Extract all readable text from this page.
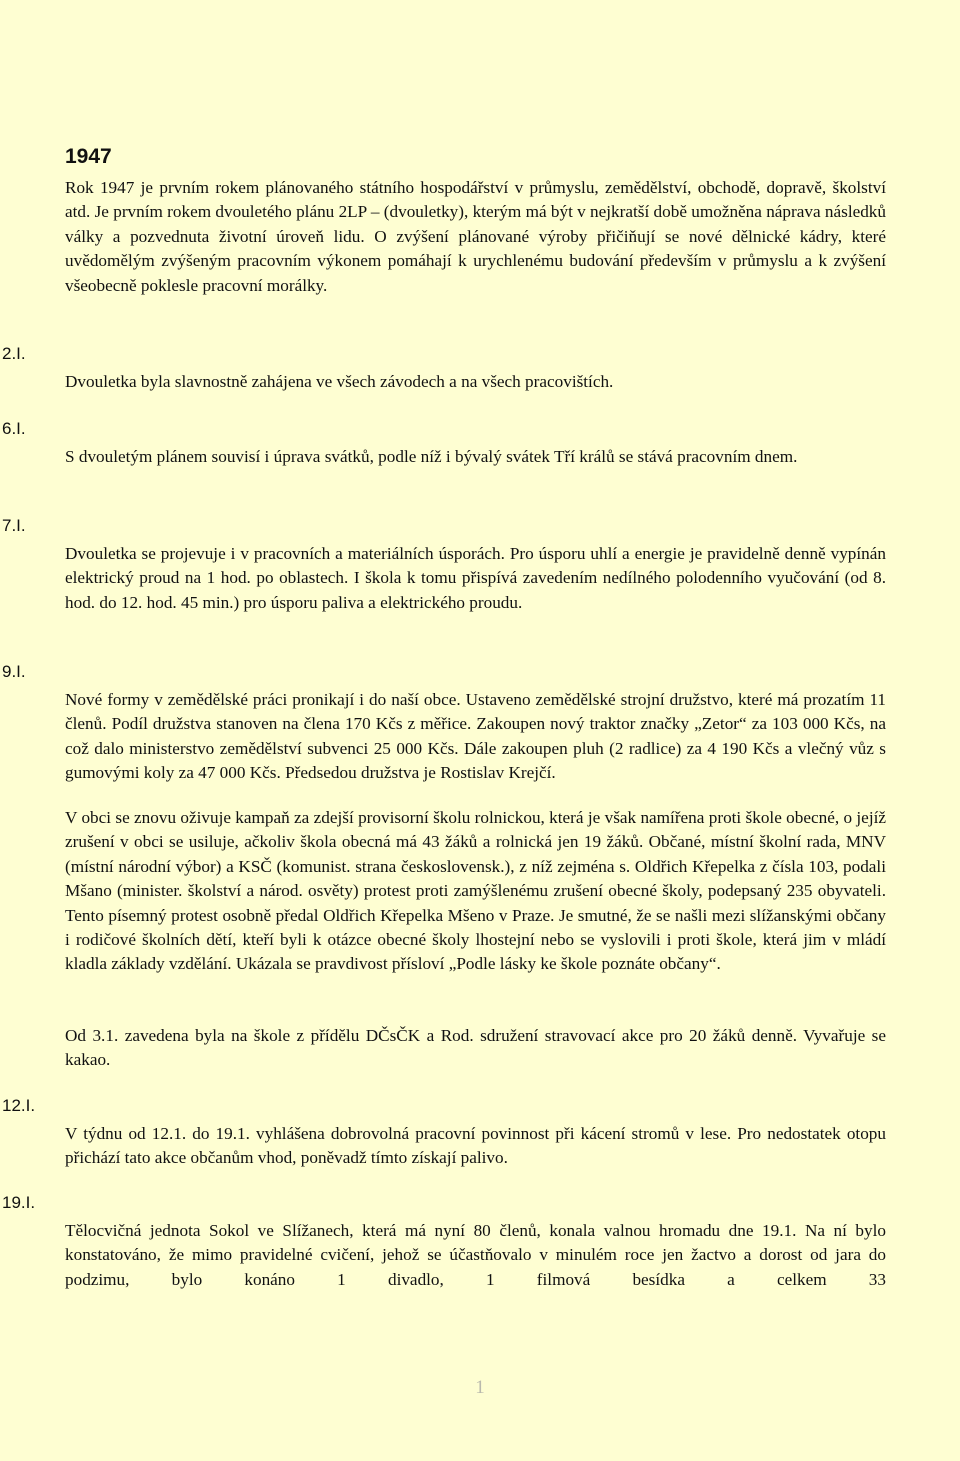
1947
2.I.
6.I.
7.I.
9.I.
12.I.
19.I.

Rok 1947 je prvním rokem plánovaného státního hospodářství v průmyslu, zemědělství, obchodě, dopravě, školství atd. Je prvním rokem dvouletého plánu 2LP – (dvouletky), kterým má být v nejkratší době umožněna náprava následků války a pozvednuta životní úroveň lidu. O zvýšení plánované výroby přičiňují se nové dělnické kádry, které uvědomělým zvýšeným pracovním výkonem pomáhají k urychlenému budování především v průmyslu a k zvýšení všeobecně poklesle pracovní morálky.

Dvouletka byla slavnostně zahájena ve všech závodech a na všech pracovištích.

S dvouletým plánem souvisí i úprava svátků, podle níž i bývalý svátek Tří králů se stává pracovním dnem.

Dvouletka se projevuje i v pracovních a materiálních úsporách. Pro úsporu uhlí a energie je pravidelně denně vypínán elektrický proud na 1 hod. po oblastech. I škola k tomu přispívá zavedením nedílného polodenního vyučování (od 8. hod. do 12. hod. 45 min.) pro úsporu paliva a elektrického proudu.

Nové formy v zemědělské práci pronikají i do naší obce. Ustaveno zemědělské strojní družstvo, které má prozatím 11 členů. Podíl družstva stanoven na člena 170 Kčs z měřice. Zakoupen nový traktor značky „Zetor“ za 103 000 Kčs, na což dalo ministerstvo zemědělství subvenci 25 000 Kčs. Dále zakoupen pluh (2 radlice) za 4 190 Kčs a vlečný vůz s gumovými koly za 47 000 Kčs. Předsedou družstva je Rostislav Krejčí.

V obci se znovu oživuje kampaň za zdejší provisorní školu rolnickou, která je však namířena proti škole obecné, o jejíž zrušení v obci se usiluje, ačkoliv škola obecná má 43 žáků a rolnická jen 19 žáků. Občané, místní školní rada, MNV (místní národní výbor) a KSČ (komunist. strana československ.), z níž zejména s. Oldřich Křepelka z čísla 103, podali Mšano (minister. školství a národ. osvěty) protest proti zamýšlenému zrušení obecné školy, podepsaný 235 obyvateli. Tento písemný protest osobně předal Oldřich Křepelka Mšeno v Praze. Je smutné, že se našli mezi slížanskými občany i rodičové školních dětí, kteří byli k otázce obecné školy lhostejní nebo se vyslovili i proti škole, která jim v mládí kladla základy vzdělání. Ukázala se pravdivost přísloví „Podle lásky ke škole poznáte občany“.

Od 3.1. zavedena byla na škole z přídělu DČsČK a Rod. sdružení stravovací akce pro 20 žáků denně. Vyvařuje se kakao.

V týdnu od 12.1. do 19.1. vyhlášena dobrovolná pracovní povinnost při kácení stromů v lese. Pro nedostatek otopu přichází tato akce občanům vhod, poněvadž tímto získají palivo.

Tělocvičná jednota Sokol ve Slížanech, která má nyní 80 členů, konala valnou hromadu dne 19.1. Na ní bylo konstatováno, že mimo pravidelné cvičení, jehož se účastňovalo v minulém roce jen žactvo a dorost od jara do podzimu, bylo konáno 1 divadlo, 1 filmová besídka a celkem 33

1
